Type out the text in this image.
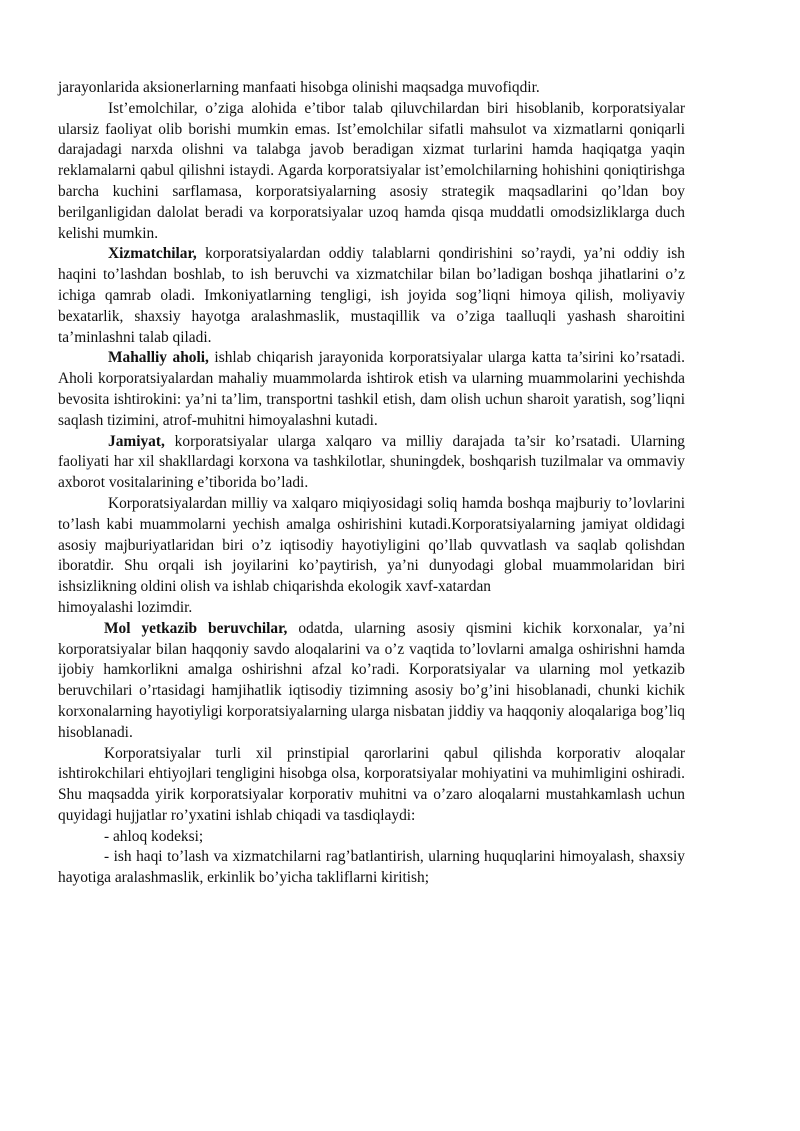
jarayonlarida aksionerlarning manfaati hisobga olinishi maqsadga muvofiqdir.

Ist’emolchilar, o’ziga alohida e’tibor talab qiluvchilardan biri hisoblanib, korporatsiyalar ularsiz faoliyat olib borishi mumkin emas. Ist’emolchilar sifatli mahsulot va xizmatlarni qoniqarli darajadagi narxda olishni va talabga javob beradigan xizmat turlarini hamda haqiqatga yaqin reklamalarni qabul qilishni istaydi. Agarda korporatsiyalar ist’emolchilarning hohishini qoniqtirishga barcha kuchini sarflamasa, korporatsiyalarning asosiy strategik maqsadlarini qo’ldan boy berilganligidan dalolat beradi va korporatsiyalar uzoq hamda qisqa muddatli omodsizliklarga duch kelishi mumkin.

Xizmatchilar, korporatsiyalardan oddiy talablarni qondirishini so’raydi, ya’ni oddiy ish haqini to’lashdan boshlab, to ish beruvchi va xizmatchilar bilan bo’ladigan boshqa jihatlarini o’z ichiga qamrab oladi. Imkoniyatlarning tengligi, ish joyida sog’liqni himoya qilish, moliyaviy bexatarlik, shaxsiy hayotga aralashmaslik, mustaqillik va o’ziga taalluqli yashash sharoitini ta’minlashni talab qiladi.

Mahalliy aholi, ishlab chiqarish jarayonida korporatsiyalar ularga katta ta’sirini ko’rsatadi. Aholi korporatsiyalardan mahaliy muammolarda ishtirok etish va ularning muammolarini yechishda bevosita ishtirokini: ya’ni ta’lim, transportni tashkil etish, dam olish uchun sharoit yaratish, sog’liqni saqlash tizimini, atrof-muhitni himoyalashni kutadi.

Jamiyat, korporatsiyalar ularga xalqaro va milliy darajada ta’sir ko’rsatadi. Ularning faoliyati har xil shakllardagi korxona va tashkilotlar, shuningdek, boshqarish tuzilmalar va ommaviy axborot vositalarining e’tiborida bo’ladi.

Korporatsiyalardan milliy va xalqaro miqiyosidagi soliq hamda boshqa majburiy to’lovlarini to’lash kabi muammolarni yechish amalga oshirishini kutadi.Korporatsiyalarning jamiyat oldidagi asosiy majburiyatlaridan biri o’z iqtisodiy hayotiyligini qo’llab quvvatlash va saqlab qolishdan iboratdir. Shu orqali ish joyilarini ko’paytirish, ya’ni dunyodagi global muammolaridan biri ishsizlikning oldini olish va ishlab chiqarishda ekologik xavf-xatardan

himoyalashi lozimdir.

Mol yetkazib beruvchilar, odatda, ularning asosiy qismini kichik korxonalar, ya’ni korporatsiyalar bilan haqqoniy savdo aloqalarini va o’z vaqtida to’lovlarni amalga oshirishni hamda ijobiy hamkorlikni amalga oshirishni afzal ko’radi. Korporatsiyalar va ularning mol yetkazib beruvchilari o’rtasidagi hamjihatlik iqtisodiy tizimning asosiy bo’g’ini hisoblanadi, chunki kichik korxonalarning hayotiyligi korporatsiyalarning ularga nisbatan jiddiy va haqqoniy aloqalariga bog’liq hisoblanadi.

Korporatsiyalar turli xil prinstipial qarorlarini qabul qilishda korporativ aloqalar ishtirokchilari ehtiyojlari tengligini hisobga olsa, korporatsiyalar mohiyatini va muhimligini oshiradi. Shu maqsadda yirik korporatsiyalar korporativ muhitni va o’zaro aloqalarni mustahkamlash uchun quyidagi hujjatlar ro’yxatini ishlab chiqadi va tasdiqlaydi:

- ahloq kodeksi;

- ish haqi to’lash va xizmatchilarni rag’batlantirish, ularning huquqlarini himoyalash, shaxsiy hayotiga aralashmaslik, erkinlik bo’yicha takliflarni kiritish;
